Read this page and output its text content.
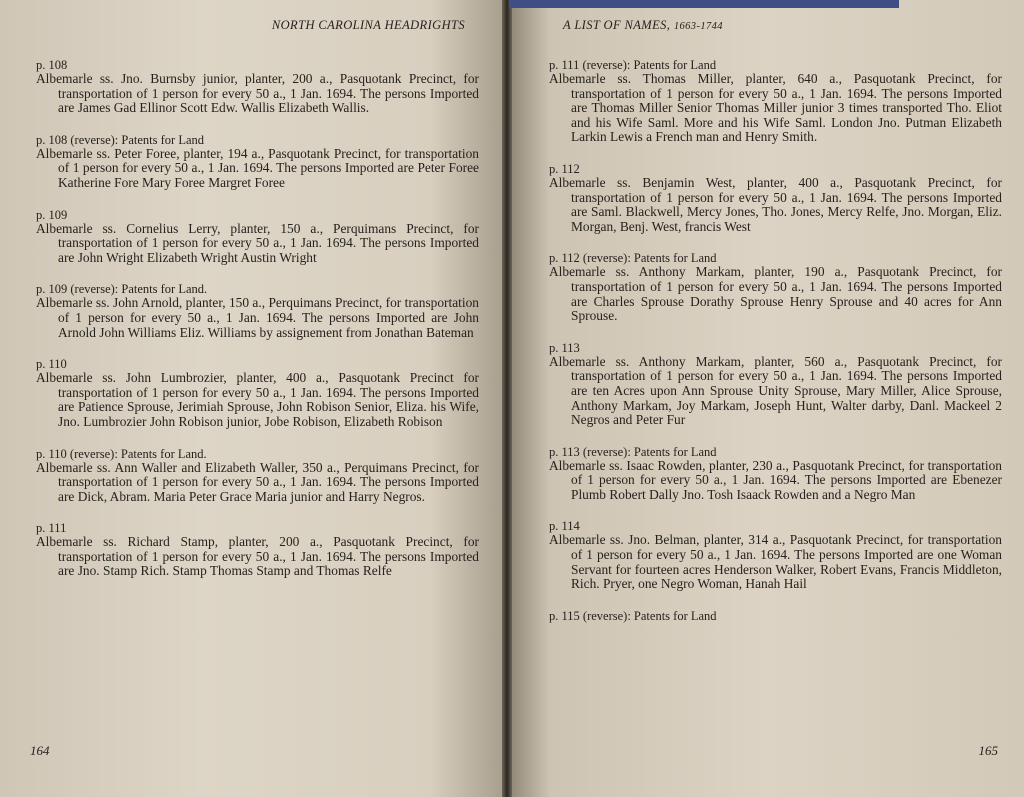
NORTH CAROLINA HEADRIGHTS
p. 108
Albemarle ss. Jno. Burnsby junior, planter, 200 a., Pasquotank Precinct, for transportation of 1 person for every 50 a., 1 Jan. 1694. The persons Imported are James Gad Ellinor Scott Edw. Wallis Elizabeth Wallis.
p. 108 (reverse): Patents for Land
Albemarle ss. Peter Foree, planter, 194 a., Pasquotank Precinct, for transportation of 1 person for every 50 a., 1 Jan. 1694. The persons Imported are Peter Foree Katherine Fore Mary Foree Margret Foree
p. 109
Albemarle ss. Cornelius Lerry, planter, 150 a., Perquimans Precinct, for transportation of 1 person for every 50 a., 1 Jan. 1694. The persons Imported are John Wright Elizabeth Wright Austin Wright
p. 109 (reverse): Patents for Land.
Albemarle ss. John Arnold, planter, 150 a., Perquimans Precinct, for transportation of 1 person for every 50 a., 1 Jan. 1694. The persons Imported are John Arnold John Williams Eliz. Williams by assignement from Jonathan Bateman
p. 110
Albemarle ss. John Lumbrozier, planter, 400 a., Pasquotank Precinct for transportation of 1 person for every 50 a., 1 Jan. 1694. The persons Imported are Patience Sprouse, Jerimiah Sprouse, John Robison Senior, Eliza. his Wife, Jno. Lumbrozier John Robison junior, Jobe Robison, Elizabeth Robison
p. 110 (reverse): Patents for Land.
Albemarle ss. Ann Waller and Elizabeth Waller, 350 a., Perquimans Precinct, for transportation of 1 person for every 50 a., 1 Jan. 1694. The persons Imported are Dick, Abram. Maria Peter Grace Maria junior and Harry Negros.
p. 111
Albemarle ss. Richard Stamp, planter, 200 a., Pasquotank Precinct, for transportation of 1 person for every 50 a., 1 Jan. 1694. The persons Imported are Jno. Stamp Rich. Stamp Thomas Stamp and Thomas Relfe
164
A LIST OF NAMES, 1663-1744
p. 111 (reverse): Patents for Land
Albemarle ss. Thomas Miller, planter, 640 a., Pasquotank Precinct, for transportation of 1 person for every 50 a., 1 Jan. 1694. The persons Imported are Thomas Miller Senior Thomas Miller junior 3 times transported Tho. Eliot and his Wife Saml. More and his Wife Saml. London Jno. Putman Elizabeth Larkin Lewis a French man and Henry Smith.
p. 112
Albemarle ss. Benjamin West, planter, 400 a., Pasquotank Precinct, for transportation of 1 person for every 50 a., 1 Jan. 1694. The persons Imported are Saml. Blackwell, Mercy Jones, Tho. Jones, Mercy Relfe, Jno. Morgan, Eliz. Morgan, Benj. West, francis West
p. 112 (reverse): Patents for Land
Albemarle ss. Anthony Markam, planter, 190 a., Pasquotank Precinct, for transportation of 1 person for every 50 a., 1 Jan. 1694. The persons Imported are Charles Sprouse Dorathy Sprouse Henry Sprouse and 40 acres for Ann Sprouse.
p. 113
Albemarle ss. Anthony Markam, planter, 560 a., Pasquotank Precinct, for transportation of 1 person for every 50 a., 1 Jan. 1694. The persons Imported are ten Acres upon Ann Sprouse Unity Sprouse, Mary Miller, Alice Sprouse, Anthony Markam, Joy Markam, Joseph Hunt, Walter darby, Danl. Mackeel 2 Negros and Peter Fur
p. 113 (reverse): Patents for Land
Albemarle ss. Isaac Rowden, planter, 230 a., Pasquotank Precinct, for transportation of 1 person for every 50 a., 1 Jan. 1694. The persons Imported are Ebenezer Plumb Robert Dally Jno. Tosh Isaack Rowden and a Negro Man
p. 114
Albemarle ss. Jno. Belman, planter, 314 a., Pasquotank Precinct, for transportation of 1 person for every 50 a., 1 Jan. 1694. The persons Imported are one Woman Servant for fourteen acres Henderson Walker, Robert Evans, Francis Middleton, Rich. Pryer, one Negro Woman, Hanah Hail
p. 115 (reverse): Patents for Land
165
